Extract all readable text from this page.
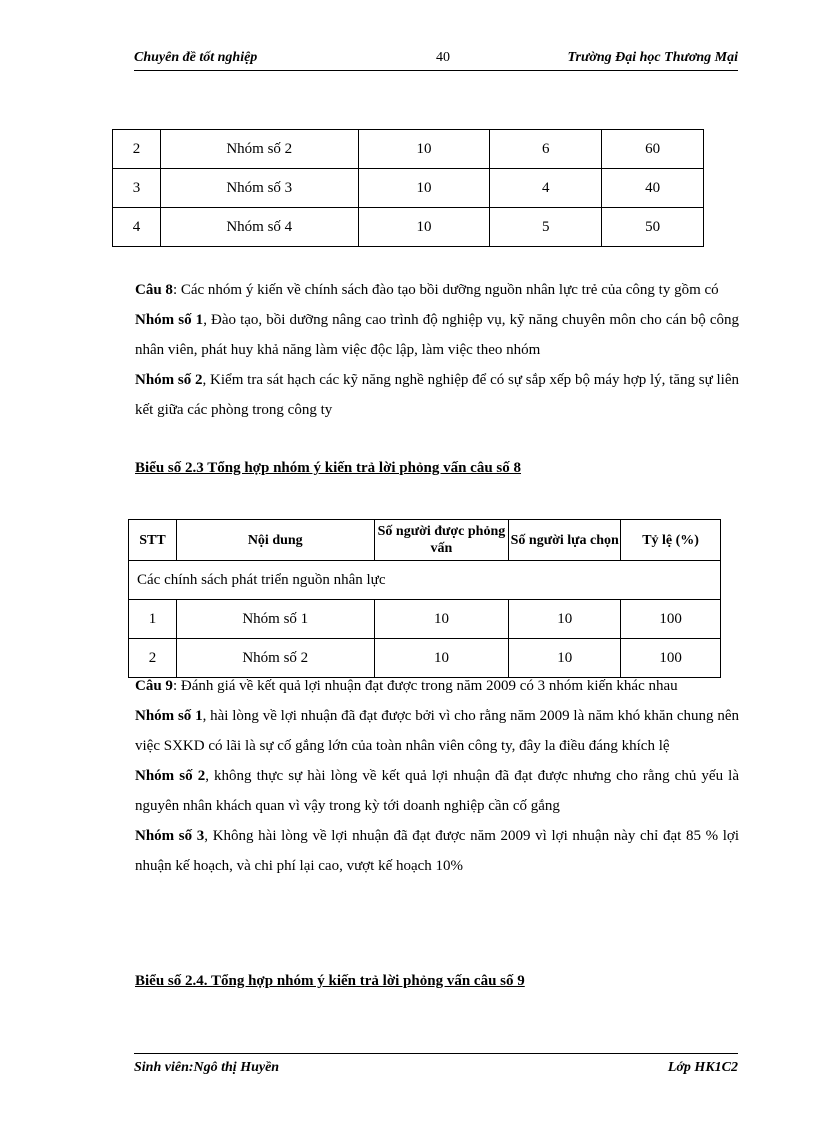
Chuyên đề tốt nghiệp	40	Trường Đại học Thương Mại
2	Nhóm số 2	10	6	60
3	Nhóm số 3	10	4	40
4	Nhóm số 4	10	5	50
Câu 8: Các nhóm ý kiến về chính sách đào tạo bồi dưỡng nguồn nhân lực trẻ của công ty gồm có
Nhóm số 1, Đào tạo, bồi dưỡng nâng cao trình độ nghiệp vụ, kỹ năng chuyên môn cho cán bộ công nhân viên, phát huy khả năng làm việc độc lập, làm việc theo nhóm
Nhóm số 2, Kiểm tra sát hạch các kỹ năng nghề nghiệp để có sự sắp xếp bộ máy hợp lý, tăng sự liên kết giữa các phòng trong công ty
Biểu số 2.3 Tổng hợp nhóm ý kiến trả lời phỏng vấn câu số 8
STT	Nội dung	Số người được phỏng vấn	Số người lựa chọn	Tỷ lệ (%)
Các chính sách phát triển nguồn nhân lực				
1	Nhóm số 1	10	10	100
2	Nhóm số 2	10	10	100
Câu 9: Đánh giá về kết quả lợi nhuận đạt được trong năm 2009 có 3 nhóm kiến khác nhau
Nhóm số 1, hài lòng về lợi nhuận đã đạt được bởi vì cho rằng năm 2009 là năm khó khăn chung nên việc SXKD có lãi là sự cố gắng lớn của toàn nhân viên công ty, đây la điều đáng khích lệ
Nhóm số 2, không thực sự hài lòng về kết quả lợi nhuận đã đạt được nhưng cho rằng chủ yếu là nguyên nhân khách quan vì vậy trong kỳ tới doanh nghiệp cần cố gắng
Nhóm số 3, Không hài lòng về lợi nhuận đã đạt được năm 2009 vì lợi nhuận này chỉ đạt 85 % lợi nhuận kế hoạch, và chi phí lại cao, vượt kế hoạch 10%
Biểu số 2.4. Tổng hợp nhóm ý kiến trả lời phỏng vấn câu số 9
Sinh viên:Ngô thị Huyền	Lớp HK1C2
